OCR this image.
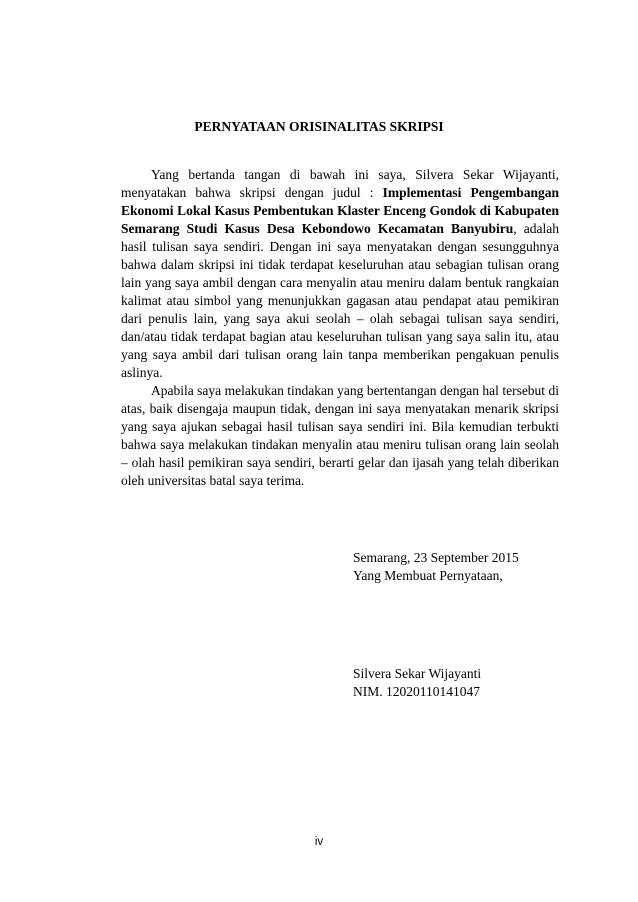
PERNYATAAN ORISINALITAS SKRIPSI

Yang bertanda tangan di bawah ini saya, Silvera Sekar Wijayanti, menyatakan bahwa skripsi dengan judul : Implementasi Pengembangan Ekonomi Lokal Kasus Pembentukan Klaster Enceng Gondok di Kabupaten Semarang Studi Kasus Desa Kebondowo Kecamatan Banyubiru, adalah hasil tulisan saya sendiri. Dengan ini saya menyatakan dengan sesungguhnya bahwa dalam skripsi ini tidak terdapat keseluruhan atau sebagian tulisan orang lain yang saya ambil dengan cara menyalin atau meniru dalam bentuk rangkaian kalimat atau simbol yang menunjukkan gagasan atau pendapat atau pemikiran dari penulis lain, yang saya akui seolah – olah sebagai tulisan saya sendiri, dan/atau tidak terdapat bagian atau keseluruhan tulisan yang saya salin itu, atau yang saya ambil dari tulisan orang lain tanpa memberikan pengakuan penulis aslinya.

Apabila saya melakukan tindakan yang bertentangan dengan hal tersebut di atas, baik disengaja maupun tidak, dengan ini saya menyatakan menarik skripsi yang saya ajukan sebagai hasil tulisan saya sendiri ini. Bila kemudian terbukti bahwa saya melakukan tindakan menyalin atau meniru tulisan orang lain seolah – olah hasil pemikiran saya sendiri, berarti gelar dan ijasah yang telah diberikan oleh universitas batal saya terima.

Semarang, 23 September 2015
Yang Membuat Pernyataan,
Silvera Sekar Wijayanti
NIM. 12020110141047
iv
